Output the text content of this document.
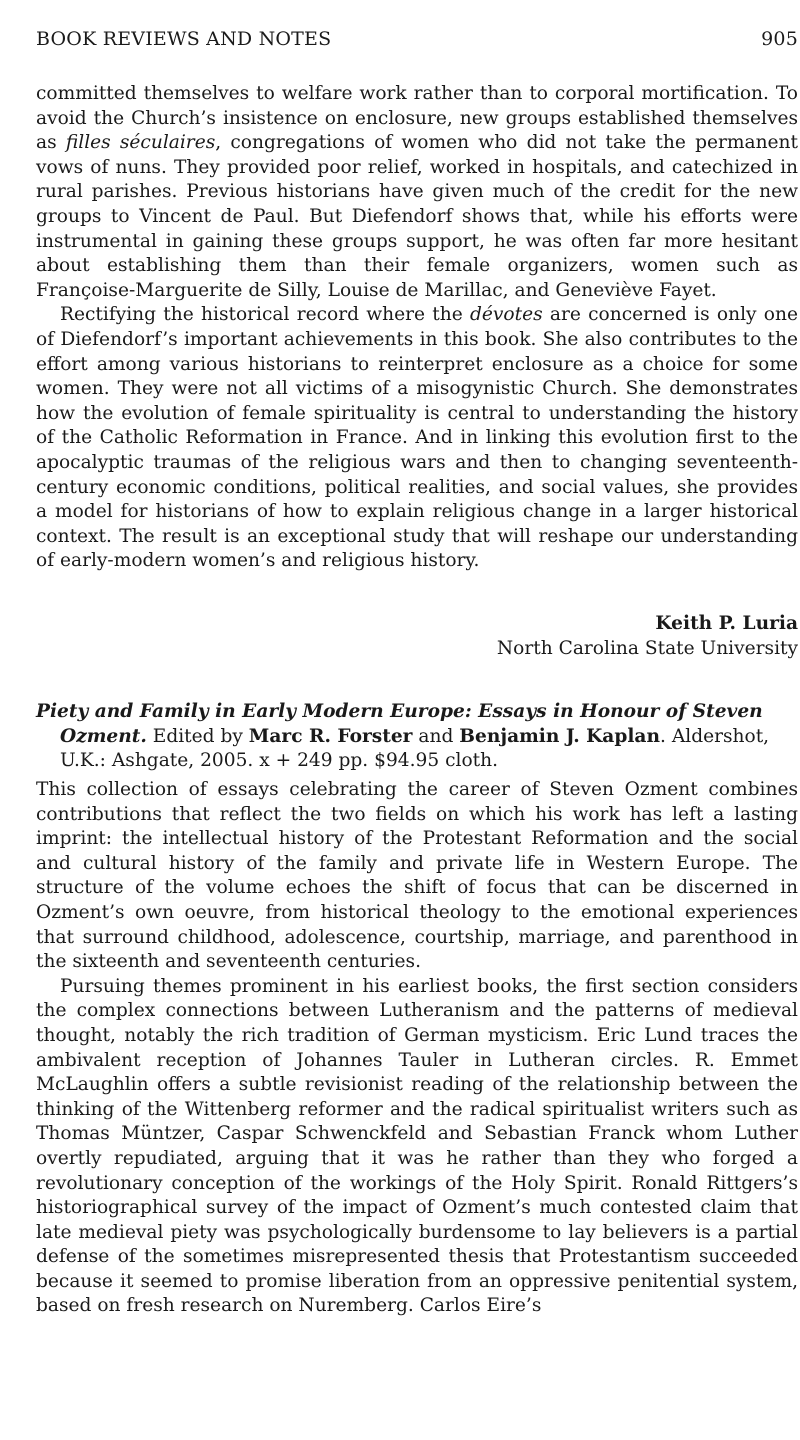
BOOK REVIEWS AND NOTES	905

committed themselves to welfare work rather than to corporal mortification. To avoid the Church’s insistence on enclosure, new groups established themselves as filles séculaires, congregations of women who did not take the permanent vows of nuns. They provided poor relief, worked in hospitals, and catechized in rural parishes. Previous historians have given much of the credit for the new groups to Vincent de Paul. But Diefendorf shows that, while his efforts were instrumental in gaining these groups support, he was often far more hesitant about establishing them than their female organizers, women such as Françoise-Marguerite de Silly, Louise de Marillac, and Geneviève Fayet.

Rectifying the historical record where the dévotes are concerned is only one of Diefendorf’s important achievements in this book. She also contributes to the effort among various historians to reinterpret enclosure as a choice for some women. They were not all victims of a misogynistic Church. She demonstrates how the evolution of female spirituality is central to understanding the history of the Catholic Reformation in France. And in linking this evolution first to the apocalyptic traumas of the religious wars and then to changing seventeenth-century economic conditions, political realities, and social values, she provides a model for historians of how to explain religious change in a larger historical context. The result is an exceptional study that will reshape our understanding of early-modern women’s and religious history.

Keith P. Luria
North Carolina State University
Piety and Family in Early Modern Europe: Essays in Honour of Steven
Ozment. Edited by Marc R. Forster and Benjamin J. Kaplan. Aldershot,
U.K.: Ashgate, 2005. x + 249 pp. $94.95 cloth.

This collection of essays celebrating the career of Steven Ozment combines contributions that reflect the two fields on which his work has left a lasting imprint: the intellectual history of the Protestant Reformation and the social and cultural history of the family and private life in Western Europe. The structure of the volume echoes the shift of focus that can be discerned in Ozment’s own oeuvre, from historical theology to the emotional experiences that surround childhood, adolescence, courtship, marriage, and parenthood in the sixteenth and seventeenth centuries.

Pursuing themes prominent in his earliest books, the first section considers the complex connections between Lutheranism and the patterns of medieval thought, notably the rich tradition of German mysticism. Eric Lund traces the ambivalent reception of Johannes Tauler in Lutheran circles. R. Emmet McLaughlin offers a subtle revisionist reading of the relationship between the thinking of the Wittenberg reformer and the radical spiritualist writers such as Thomas Müntzer, Caspar Schwenckfeld and Sebastian Franck whom Luther overtly repudiated, arguing that it was he rather than they who forged a revolutionary conception of the workings of the Holy Spirit. Ronald Rittgers’s historiographical survey of the impact of Ozment’s much contested claim that late medieval piety was psychologically burdensome to lay believers is a partial defense of the sometimes misrepresented thesis that Protestantism succeeded because it seemed to promise liberation from an oppressive penitential system, based on fresh research on Nuremberg. Carlos Eire’s
